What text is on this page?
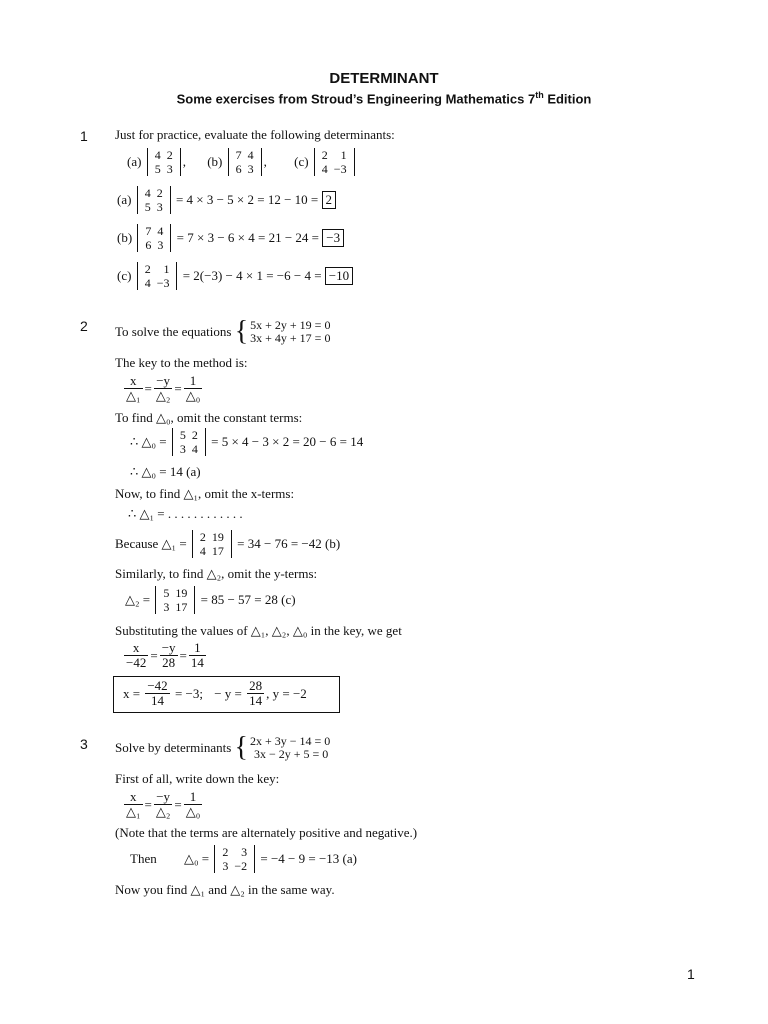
DETERMINANT
Some exercises from Stroud’s Engineering Mathematics 7th Edition
1 Just for practice, evaluate the following determinants:
(a) 4	2
5	3 , (b) 7	4
6	3 , (c) 2	1
4	−3
(a) 4	2
5	3 = 4 × 3 − 5 × 2 = 12 − 10 = 2
(b) 7	4
6	3 = 7 × 3 − 6 × 4 = 21 − 24 = −3
(c) 2	1
4	−3 = 2(−3) − 4 × 1 = −6 − 4 = −10
2 To solve the equations { 5x + 2y + 19 = 0
3x + 4y + 17 = 0
The key to the method is:
$\frac{x}{\text{△₁}} = \frac{-y}{\text{△₂}} = \frac{1}{\text{△₀}}$
To find △₀, omit the constant terms:
∴ △₀ = 5	2
3	4 = 5 × 4 − 3 × 2 = 20 − 6 = 14
∴ △₀ = 14 (a)
Now, to find △₁, omit the x-terms:
∴ △₁ = . . . . . . . . . . . .
Because △₁ = 2	19
4	17 = 34 − 76 = −42 (b)
Similarly, to find △₂, omit the y-terms:
△₂ = 5	19
3	17 = 85 − 57 = 28 (c)
Substituting the values of △₁, △₂, △₀ in the key, we get
$\frac{x}{-42} = \frac{-y}{28} = \frac{1}{14}$
$x = \frac{-42}{14} = -3$; − $y = \frac{28}{14}$ , y = −2
3 Solve by determinants { 2x + 3y − 14 = 0
3x − 2y + 5 = 0
First of all, write down the key:
$\frac{x}{\text{△₁}} = \frac{-y}{\text{△₂}} = \frac{1}{\text{△₀}}$
(Note that the terms are alternately positive and negative.)
Then △₀ = 2	3
3	−2 = −4 − 9 = −13 (a)
Now you find △₁ and △₂ in the same way.
1
